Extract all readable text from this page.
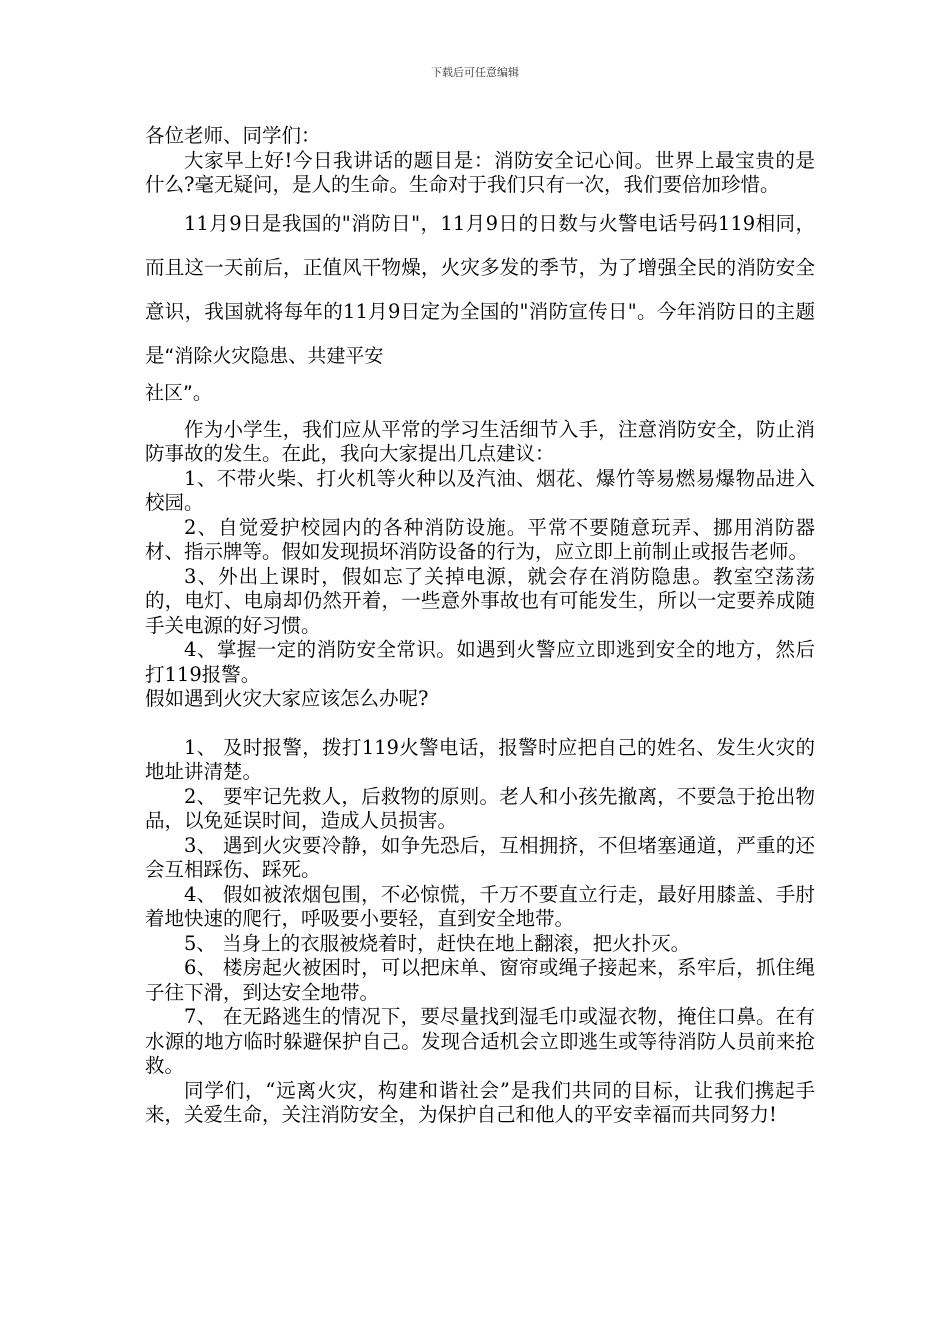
下载后可任意编辑

各位老师、同学们：

大家早上好!今日我讲话的题目是：消防安全记心间。世界上最宝贵的是什么?毫无疑问，是人的生命。生命对于我们只有一次，我们要倍加珍惜。

11月9日是我国的"消防日"，11月9日的日数与火警电话号码119相同，而且这一天前后，正值风干物燥，火灾多发的季节，为了增强全民的消防安全意识，我国就将每年的11月9日定为全国的"消防宣传日"。今年消防日的主题是“消除火灾隐患、共建平安

社区”。

作为小学生，我们应从平常的学习生活细节入手，注意消防安全，防止消防事故的发生。在此，我向大家提出几点建议：

1、不带火柴、打火机等火种以及汽油、烟花、爆竹等易燃易爆物品进入校园。

2、自觉爱护校园内的各种消防设施。平常不要随意玩弄、挪用消防器材、指示牌等。假如发现损坏消防设备的行为，应立即上前制止或报告老师。

3、外出上课时，假如忘了关掉电源，就会存在消防隐患。教室空荡荡的，电灯、电扇却仍然开着，一些意外事故也有可能发生，所以一定要养成随手关电源的好习惯。

4、掌握一定的消防安全常识。如遇到火警应立即逃到安全的地方，然后打119报警。

假如遇到火灾大家应该怎么办呢?

1、 及时报警，拨打119火警电话，报警时应把自己的姓名、发生火灾的地址讲清楚。

2、 要牢记先救人，后救物的原则。老人和小孩先撤离，不要急于抢出物品，以免延误时间，造成人员损害。

3、 遇到火灾要冷静，如争先恐后，互相拥挤，不但堵塞通道，严重的还会互相踩伤、踩死。

4、 假如被浓烟包围，不必惊慌，千万不要直立行走，最好用膝盖、手肘着地快速的爬行，呼吸要小要轻，直到安全地带。

5、 当身上的衣服被烧着时，赶快在地上翻滚，把火扑灭。

6、 楼房起火被困时，可以把床单、窗帘或绳子接起来，系牢后，抓住绳子往下滑，到达安全地带。

7、 在无路逃生的情况下，要尽量找到湿毛巾或湿衣物，掩住口鼻。在有水源的地方临时躲避保护自己。发现合适机会立即逃生或等待消防人员前来抢救。

同学们，“远离火灾，构建和谐社会”是我们共同的目标，让我们携起手来，关爱生命，关注消防安全，为保护自己和他人的平安幸福而共同努力!
